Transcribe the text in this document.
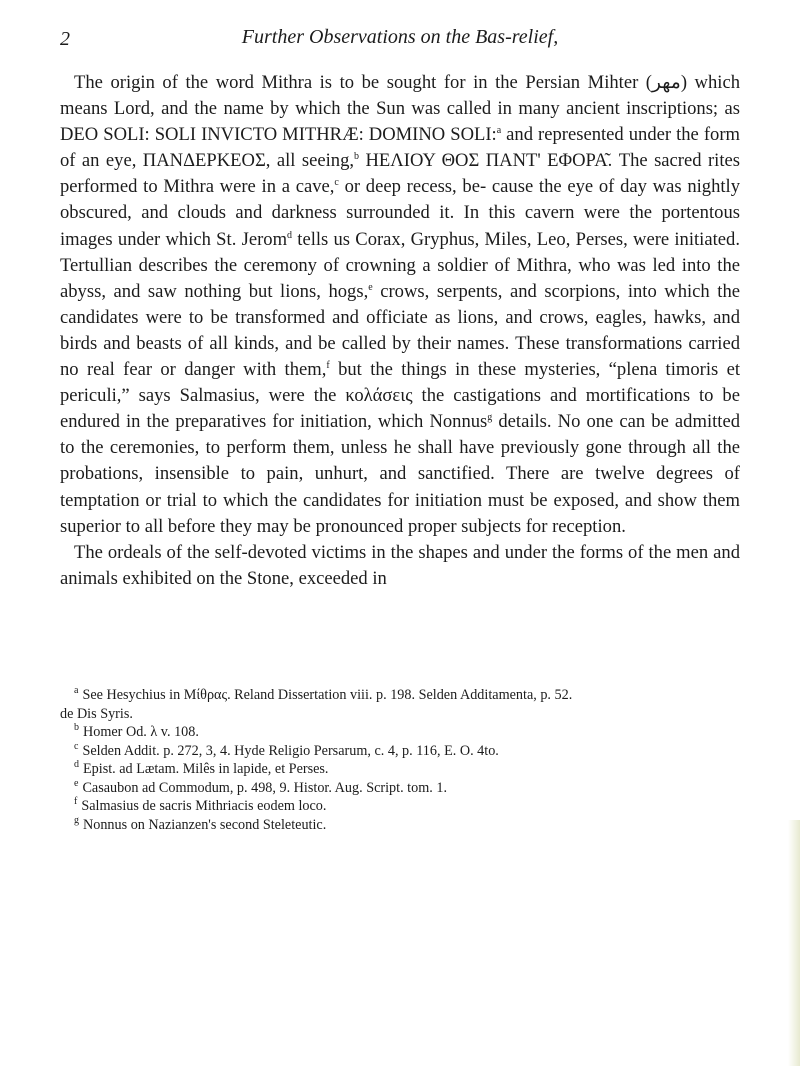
2	Further Observations on the Bas-relief,

The origin of the word Mithra is to be sought for in the Persian Mihter (مهر) which means Lord, and the name by which the Sun was called in many ancient inscriptions; as DEO SOLI: SOLI INVICTO MITHRÆ: DOMINO SOLI:$^a$ and represented under the form of an eye, ΠΑΝΔΕΡΚΕΟΣ, all seeing,$^b$ ΗΕΛΙΟΥ ΘΟΣ ΠΑΝΤ' ΕΦΟΡΑ͂. The sacred rites performed to Mithra were in a cave,$^c$ or deep recess, be- cause the eye of day was nightly obscured, and clouds and darkness surrounded it. In this cavern were the portentous images under which St. Jerom$^d$ tells us Corax, Gryphus, Miles, Leo, Perses, were initiated. Tertullian describes the ceremony of crowning a soldier of Mithra, who was led into the abyss, and saw nothing but lions, hogs,$^e$ crows, serpents, and scorpions, into which the candidates were to be transformed and officiate as lions, and crows, eagles, hawks, and birds and beasts of all kinds, and be called by their names. These transformations carried no real fear or danger with them,$^f$ but the things in these mysteries, “plena timoris et periculi,” says Salmasius, were the κολάσεις the castigations and mortifications to be endured in the preparatives for initiation, which Nonnus$^g$ details. No one can be admitted to the ceremonies, to perform them, unless he shall have previously gone through all the probations, insensible to pain, unhurt, and sanctified. There are twelve degrees of temptation or trial to which the candidates for initiation must be exposed, and show them superior to all before they may be pronounced proper subjects for reception.

The ordeals of the self-devoted victims in the shapes and under the forms of the men and animals exhibited on the Stone, exceeded in

$^a$ See Hesychius in Μίθρας. Reland Dissertation viii. p. 198. Selden Additamenta, p. 52.
de Dis Syris.
$^b$ Homer Od. λ v. 108.
$^c$ Selden Addit. p. 272, 3, 4. Hyde Religio Persarum, c. 4, p. 116, E. O. 4to.
$^d$ Epist. ad Lætam. Milês in lapide, et Perses.
$^e$ Casaubon ad Commodum, p. 498, 9. Histor. Aug. Script. tom. 1.
$^f$ Salmasius de sacris Mithriacis eodem loco.
$^g$ Nonnus on Nazianzen's second Steleteutic.
